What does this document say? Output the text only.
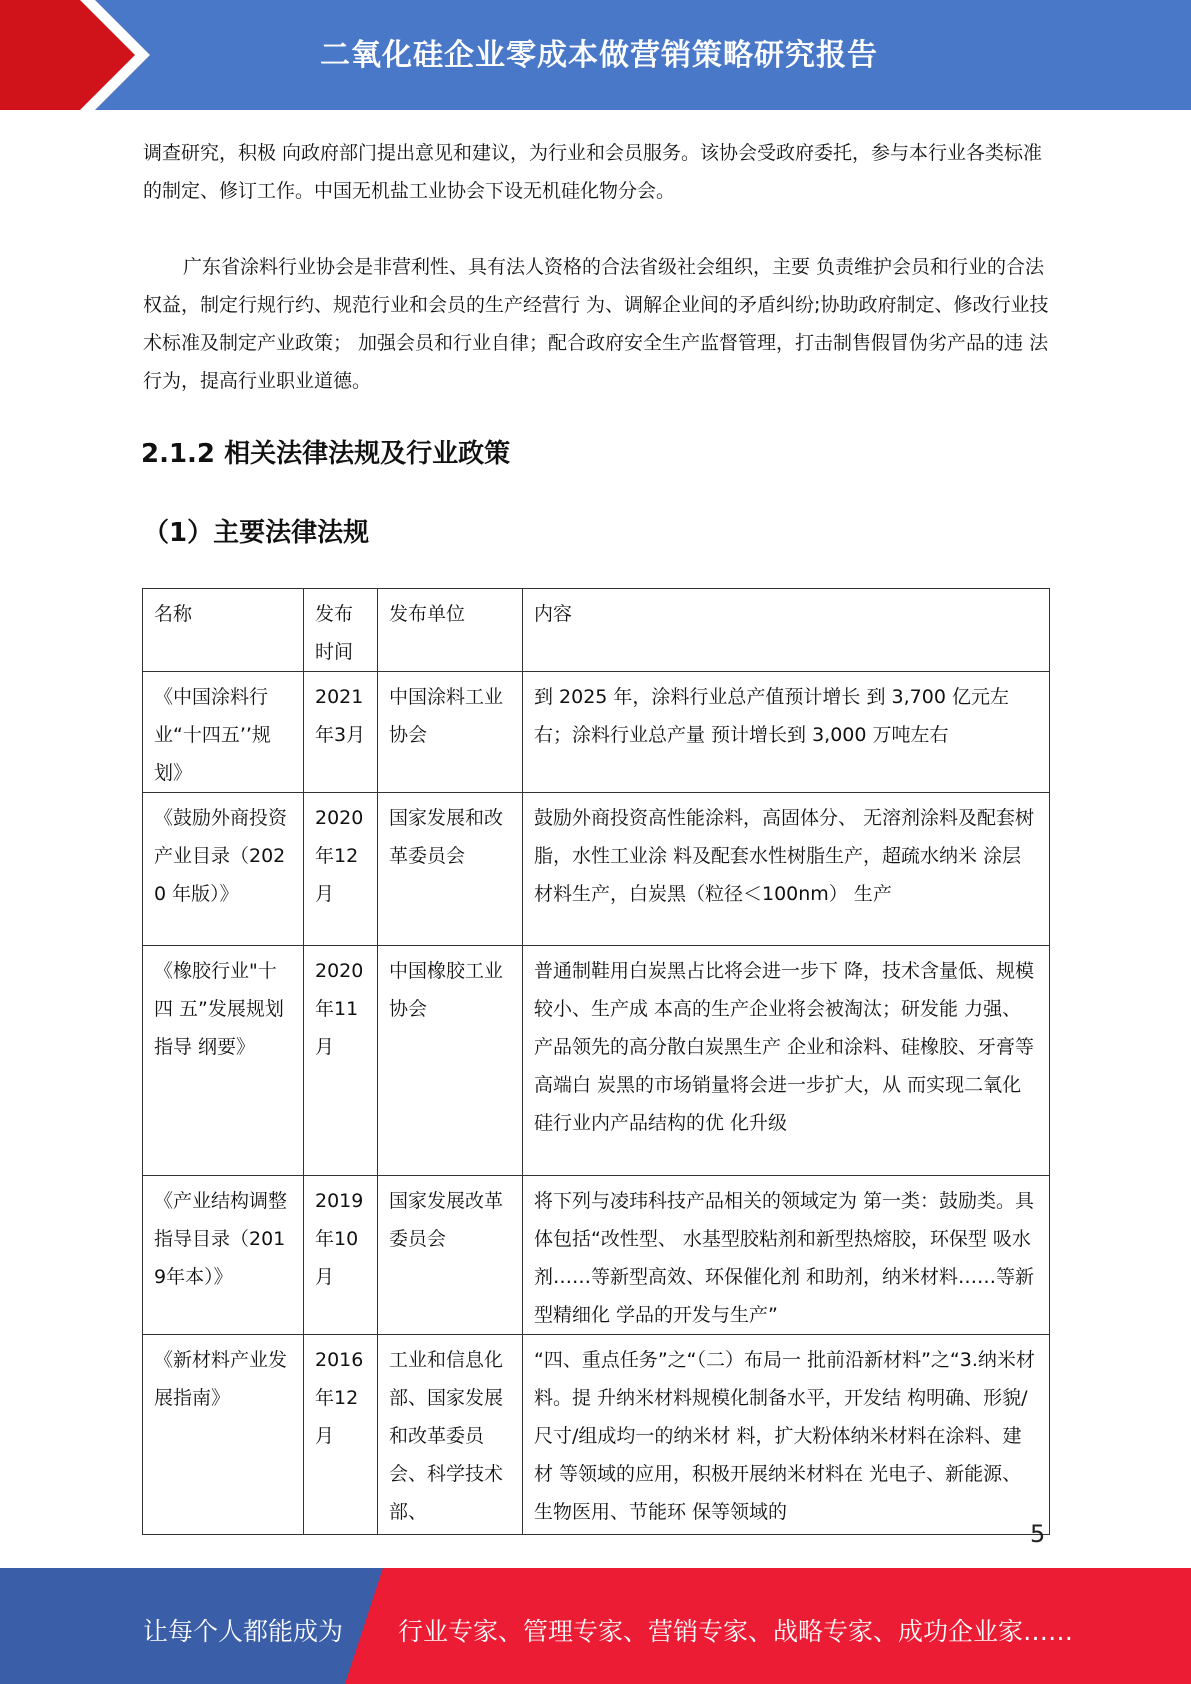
二氧化硅企业零成本做营销策略研究报告

调查研究，积极 向政府部门提出意见和建议，为行业和会员服务。该协会受政府委托，参与本行业各类标准的制定、修订工作。中国无机盐工业协会下设无机硅化物分会。

广东省涂料行业协会是非营利性、具有法人资格的合法省级社会组织，主要 负责维护会员和行业的合法权益，制定行规行约、规范行业和会员的生产经营行 为、调解企业间的矛盾纠纷;协助政府制定、修改行业技术标准及制定产业政策； 加强会员和行业自律；配合政府安全生产监督管理，打击制售假冒伪劣产品的违 法行为，提高行业职业道德。

2.1.2 相关法律法规及行业政策
（1）主要法律法规
名称	发布时间	发布单位	内容
《中国涂料行业“十四五’’规划》	2021年3月	中国涂料工业 协会	到 2025 年，涂料行业总产值预计增长 到 3,700 亿元左右；涂料行业总产量 预计增长到 3,000 万吨左右
《鼓励外商投资 产业目录（2020 年版）》	2020年12月	国家发展和改 革委员会	鼓励外商投资高性能涂料，高固体分、 无溶剂涂料及配套树脂，水性工业涂 料及配套水性树脂生产，超疏水纳米 涂层材料生产，白炭黑（粒径＜100nm） 生产
《橡胶行业"十四 五”发展规划指导 纲要》	2020年11月	中国橡胶工业 协会	普通制鞋用白炭黑占比将会进一步下 降，技术含量低、规模较小、生产成 本高的生产企业将会被淘汰；研发能 力强、产品领先的高分散白炭黑生产 企业和涂料、硅橡胶、牙膏等高端白 炭黑的市场销量将会进一步扩大，从 而实现二氧化硅行业内产品结构的优 化升级
《产业结构调整 指导目录（2019年本）》	2019年10月	国家发展改革 委员会	将下列与凌玮科技产品相关的领域定为 第一类：鼓励类。具体包括“改性型、 水基型胶粘剂和新型热熔胶，环保型 吸水剂……等新型高效、环保催化剂 和助剂，纳米材料……等新型精细化 学品的开发与生产”
《新材料产业发 展指南》	2016年12月	工业和信息化 部、国家发展 和改革委员 会、科学技术 部、	“四、重点任务”之“（二）布局一 批前沿新材料”之“3.纳米材料。提 升纳米材料规模化制备水平，开发结 构明确、形貌/尺寸/组成均一的纳米材 料，扩大粉体纳米材料在涂料、建材 等领域的应用，积极开展纳米材料在 光电子、新能源、生物医用、节能环 保等领域的
5
让每个人都能成为 行业专家、管理专家、营销专家、战略专家、成功企业家……
